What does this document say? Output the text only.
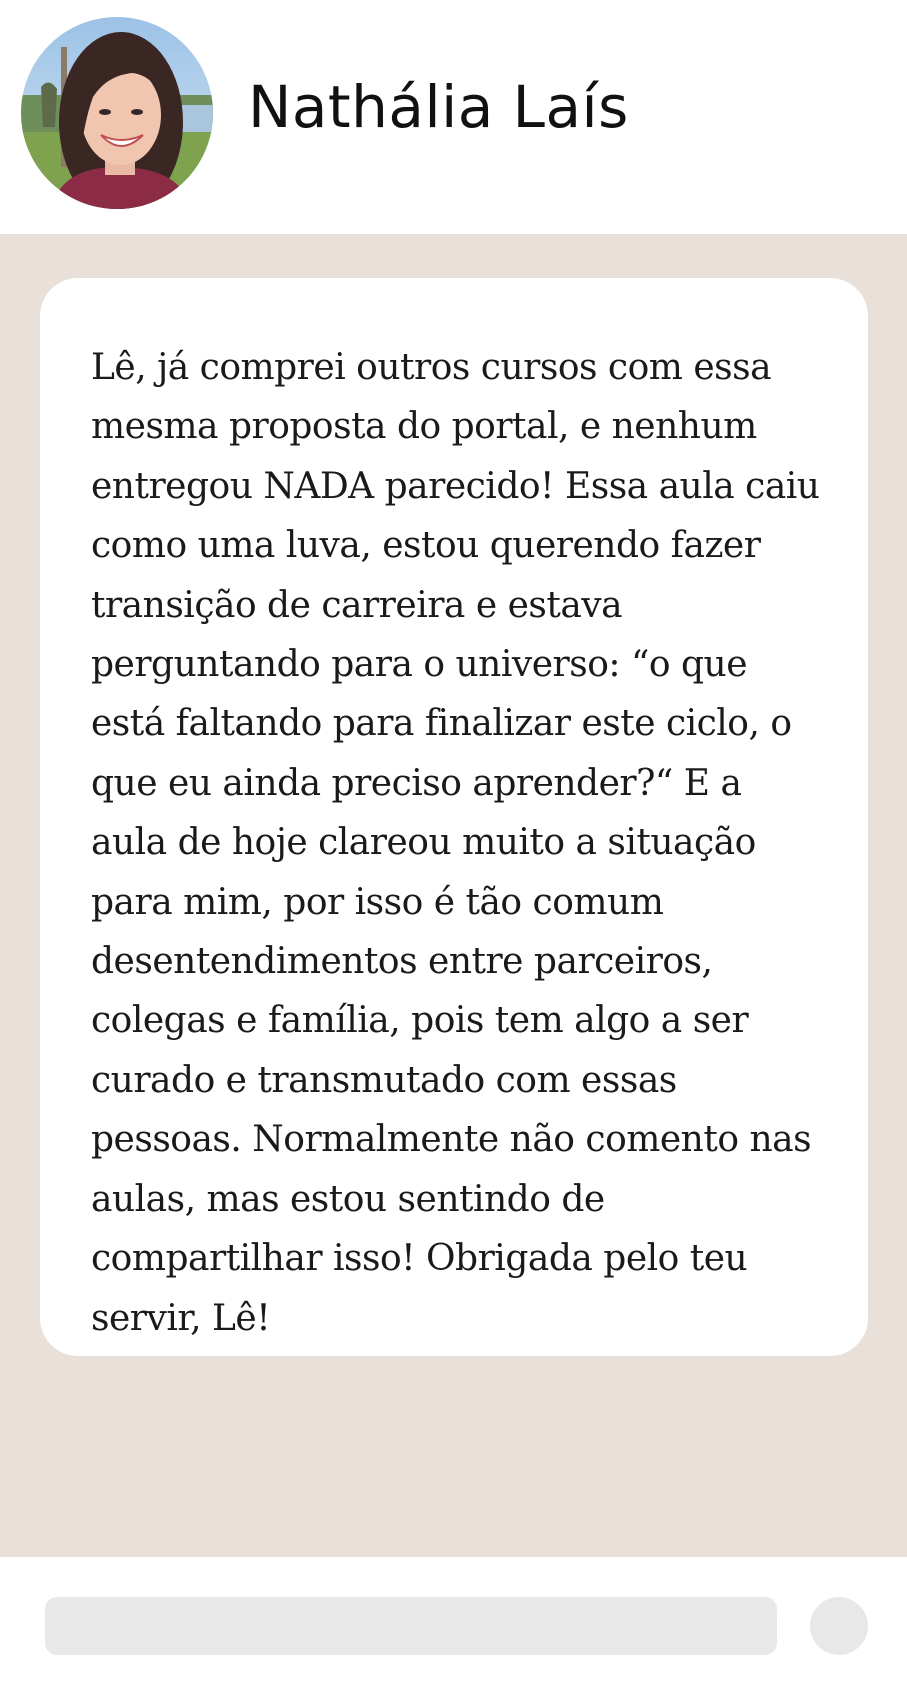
Nathália Laís

Lê, já comprei outros cursos com essa mesma proposta do portal, e nenhum entregou NADA parecido! Essa aula caiu como uma luva, estou querendo fazer transição de carreira e estava perguntando para o universo: “o que está faltando para finalizar este ciclo, o que eu ainda preciso aprender?“ E a aula de hoje clareou muito a situação para mim, por isso é tão comum desentendimentos entre parceiros, colegas e família, pois tem algo a ser curado e transmutado com essas pessoas. Normalmente não comento nas aulas, mas estou sentindo de compartilhar isso! Obrigada pelo teu servir, Lê!
